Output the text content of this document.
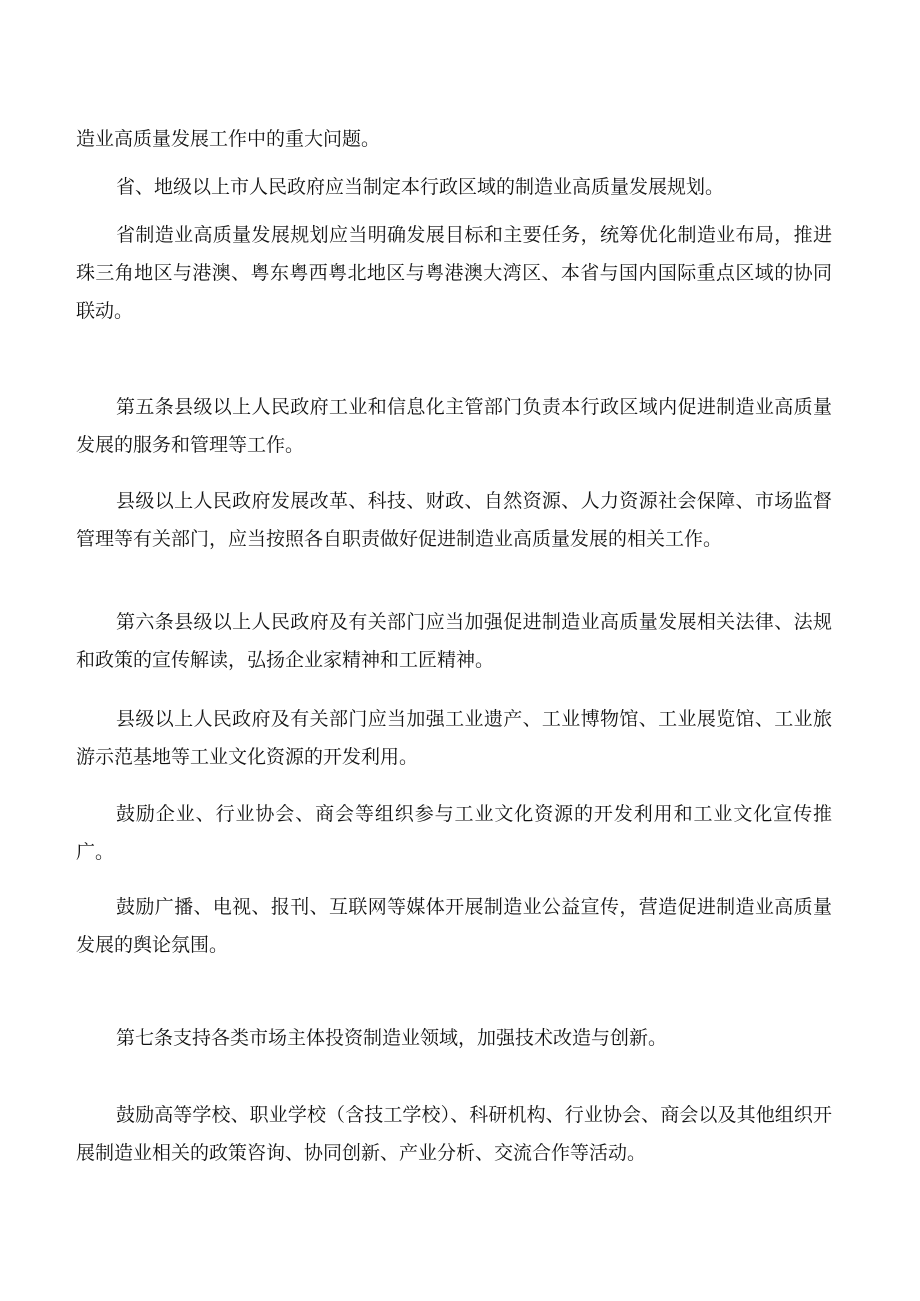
造业高质量发展工作中的重大问题。

省、地级以上市人民政府应当制定本行政区域的制造业高质量发展规划。

省制造业高质量发展规划应当明确发展目标和主要任务，统筹优化制造业布局，推进珠三角地区与港澳、粤东粤西粤北地区与粤港澳大湾区、本省与国内国际重点区域的协同联动。

第五条县级以上人民政府工业和信息化主管部门负责本行政区域内促进制造业高质量发展的服务和管理等工作。

县级以上人民政府发展改革、科技、财政、自然资源、人力资源社会保障、市场监督管理等有关部门，应当按照各自职责做好促进制造业高质量发展的相关工作。

第六条县级以上人民政府及有关部门应当加强促进制造业高质量发展相关法律、法规和政策的宣传解读，弘扬企业家精神和工匠精神。

县级以上人民政府及有关部门应当加强工业遗产、工业博物馆、工业展览馆、工业旅游示范基地等工业文化资源的开发利用。

鼓励企业、行业协会、商会等组织参与工业文化资源的开发利用和工业文化宣传推广。

鼓励广播、电视、报刊、互联网等媒体开展制造业公益宣传，营造促进制造业高质量发展的舆论氛围。

第七条支持各类市场主体投资制造业领域，加强技术改造与创新。

鼓励高等学校、职业学校（含技工学校）、科研机构、行业协会、商会以及其他组织开展制造业相关的政策咨询、协同创新、产业分析、交流合作等活动。
